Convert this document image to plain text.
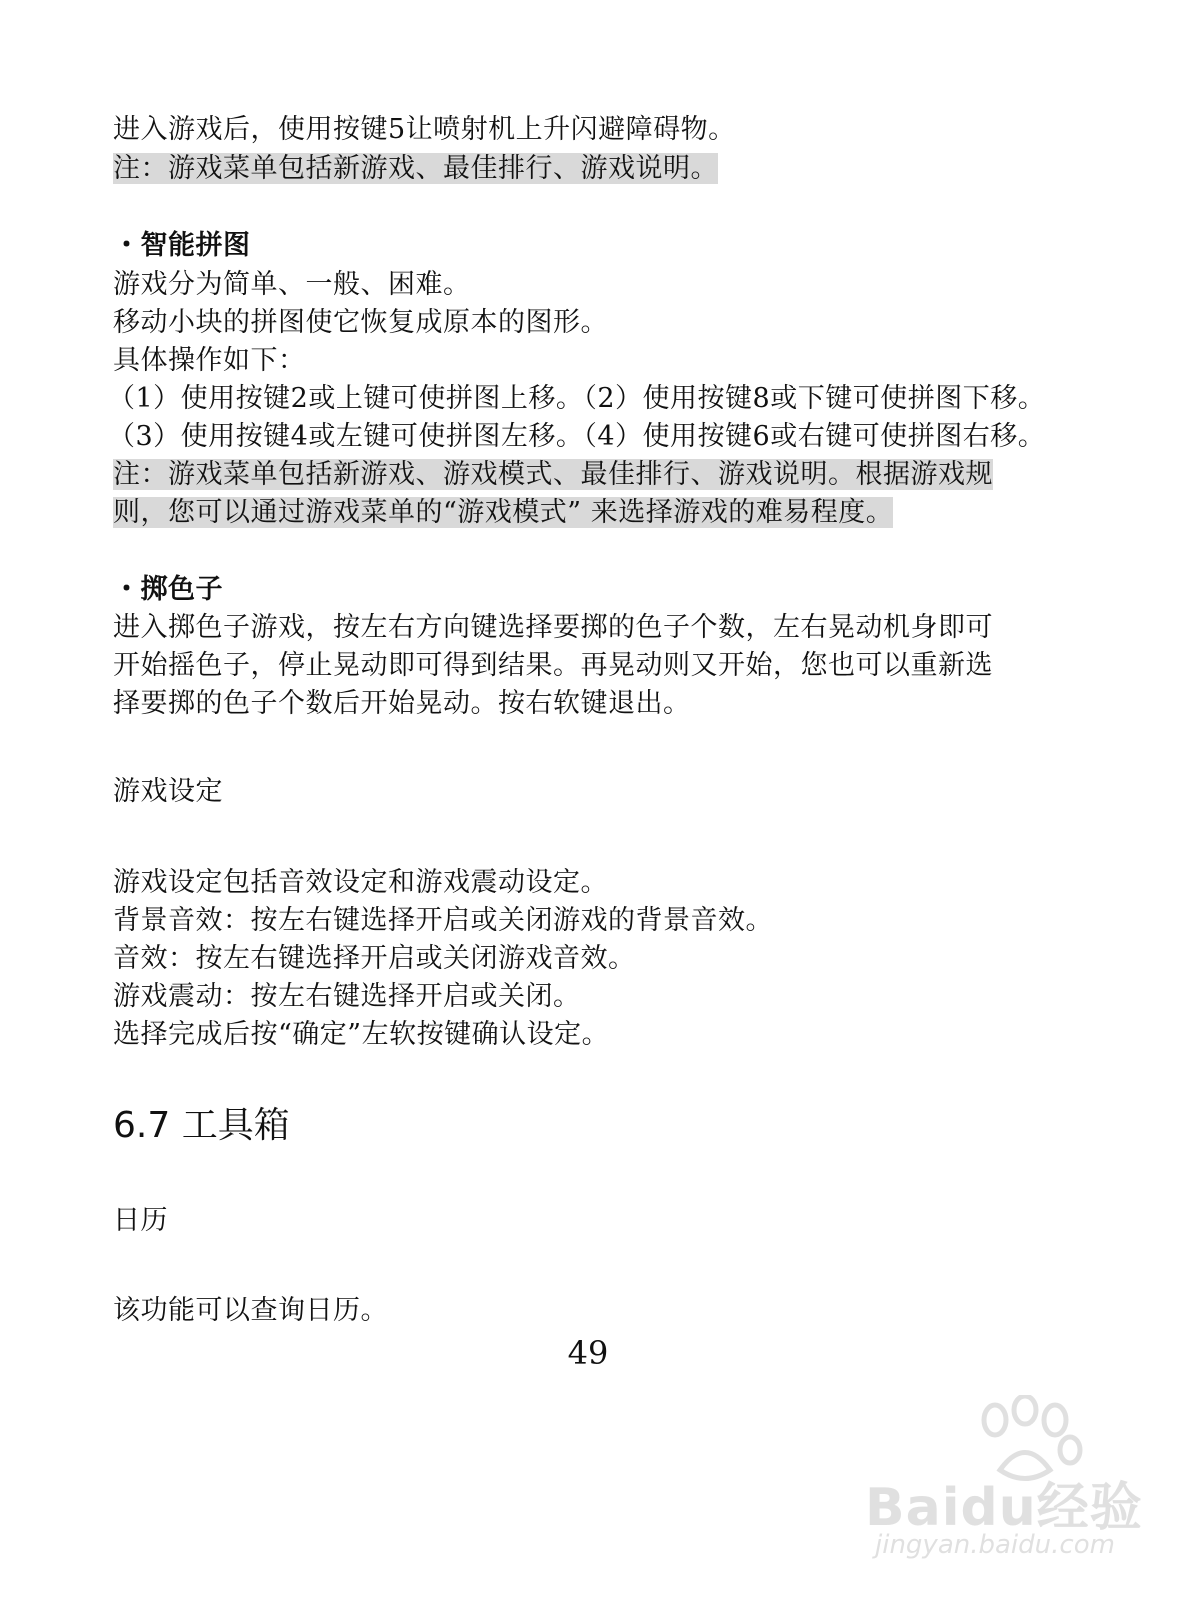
进入游戏后，使用按键5让喷射机上升闪避障碍物。
注：游戏菜单包括新游戏、最佳排行、游戏说明。
・智能拼图
游戏分为简单、一般、困难。
移动小块的拼图使它恢复成原本的图形。
具体操作如下：
（1）使用按键2或上键可使拼图上移。（2）使用按键8或下键可使拼图下移。
（3）使用按键4或左键可使拼图左移。（4）使用按键6或右键可使拼图右移。
注：游戏菜单包括新游戏、游戏模式、最佳排行、游戏说明。根据游戏规
则，您可以通过游戏菜单的“游戏模式” 来选择游戏的难易程度。
・掷色子
进入掷色子游戏，按左右方向键选择要掷的色子个数，左右晃动机身即可
开始摇色子，停止晃动即可得到结果。再晃动则又开始，您也可以重新选
择要掷的色子个数后开始晃动。按右软键退出。
游戏设定
游戏设定包括音效设定和游戏震动设定。
背景音效：按左右键选择开启或关闭游戏的背景音效。
音效：按左右键选择开启或关闭游戏音效。
游戏震动：按左右键选择开启或关闭。
选择完成后按“确定”左软按键确认设定。
6.7 工具箱
日历
该功能可以查询日历。
49
Baidu经验
jingyan.baidu.com
